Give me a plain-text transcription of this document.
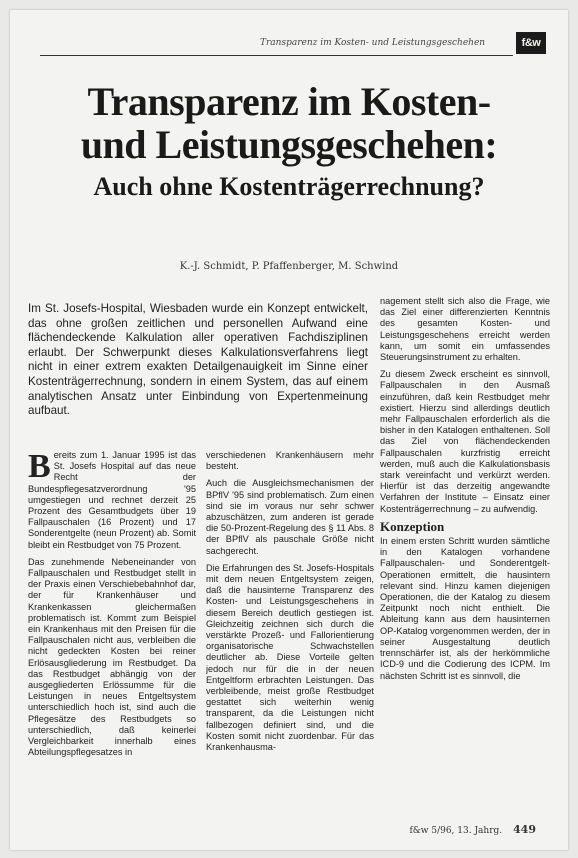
Transparenz im Kosten- und Leistungsgeschehen	f&w
Transparenz im Kosten-
und Leistungsgeschehen:
Auch ohne Kostenträgerrechnung?
K.-J. Schmidt, P. Pfaffenberger, M. Schwind
Im St. Josefs-Hospital, Wiesbaden wurde ein Konzept entwickelt, das ohne großen zeitlichen und personellen Aufwand eine flächendeckende Kalkulation aller operativen Fachdisziplinen erlaubt. Der Schwerpunkt dieses Kalkulationsverfahrens liegt nicht in einer extrem exakten Detailgenauigkeit im Sinne einer Kostenträgerrechnung, sondern in einem System, das auf einem analytischen Ansatz unter Einbindung von Expertenmeinung aufbaut.

Bereits zum 1. Januar 1995 ist das St. Josefs Hospital auf das neue Recht der Bundespflegesatzverordnung '95 umgestiegen und rechnet derzeit 25 Prozent des Gesamtbudgets über 19 Fallpauschalen (16 Prozent) und 17 Sonderentgelte (neun Prozent) ab. Somit bleibt ein Restbudget von 75 Prozent.

Das zunehmende Nebeneinander von Fallpauschalen und Restbudget stellt in der Praxis einen Verschiebebahnhof dar, der für Krankenhäuser und Krankenkassen gleichermaßen problematisch ist. Kommt zum Beispiel ein Krankenhaus mit den Preisen für die Fallpauschalen nicht aus, verbleiben die nicht gedeckten Kosten bei reiner Erlösausgliederung im Restbudget. Da das Restbudget abhängig von der ausgegliederten Erlössumme für die Leistungen in neues Entgeltsystem unterschiedlich hoch ist, sind auch die Pflegesätze des Restbudgets so unterschiedlich, daß keinerlei Vergleichbarkeit innerhalb eines Abteilungspflegesatzes in

verschiedenen Krankenhäusern mehr besteht.

Auch die Ausgleichsmechanismen der BPflV '95 sind problematisch. Zum einen sind sie im voraus nur sehr schwer abzuschätzen, zum anderen ist gerade die 50-Prozent-Regelung des § 11 Abs. 8 der BPflV als pauschale Größe nicht sachgerecht.

Die Erfahrungen des St. Josefs-Hospitals mit dem neuen Entgeltsystem zeigen, daß die hausinterne Transparenz des Kosten- und Leistungsgeschehens in diesem Bereich deutlich gestiegen ist. Gleichzeitig zeichnen sich durch die verstärkte Prozeß- und Fallorientierung organisatorische Schwachstellen deutlicher ab. Diese Vorteile gelten jedoch nur für die in der neuen Entgeltform erbrachten Leistungen. Das verbleibende, meist große Restbudget gestattet sich weiterhin wenig transparent, da die Leistungen nicht fallbezogen definiert sind, und die Kosten somit nicht zuordenbar. Für das Krankenhausma-

nagement stellt sich also die Frage, wie das Ziel einer differenzierten Kenntnis des gesamten Kosten- und Leistungsgeschehens erreicht werden kann, um somit ein umfassendes Steuerungsinstrument zu erhalten.

Zu diesem Zweck erscheint es sinnvoll, Fallpauschalen in den Ausmaß einzuführen, daß kein Restbudget mehr existiert. Hierzu sind allerdings deutlich mehr Fallpauschalen erforderlich als die bisher in den Katalogen enthaltenen. Soll das Ziel von flächendeckenden Fallpauschalen kurzfristig erreicht werden, muß auch die Kalkulationsbasis stark vereinfacht und verkürzt werden. Hierfür ist das derzeitig angewandte Verfahren der Institute – Einsatz einer Kostenträgerrechnung – zu aufwendig.

Konzeption

In einem ersten Schritt wurden sämtliche in den Katalogen vorhandene Fallpauschalen- und Sonderentgelt-Operationen ermittelt, die hausintern relevant sind. Hinzu kamen diejenigen Operationen, die der Katalog zu diesem Zeitpunkt noch nicht enthielt. Die Ableitung kann aus dem hausinternen OP-Katalog vorgenommen werden, der in seiner Ausgestaltung deutlich trennschärfer ist, als der herkömmliche ICD-9 und die Codierung des ICPM. Im nächsten Schritt ist es sinnvoll, die

f&w 5/96, 13. Jahrg. 449
